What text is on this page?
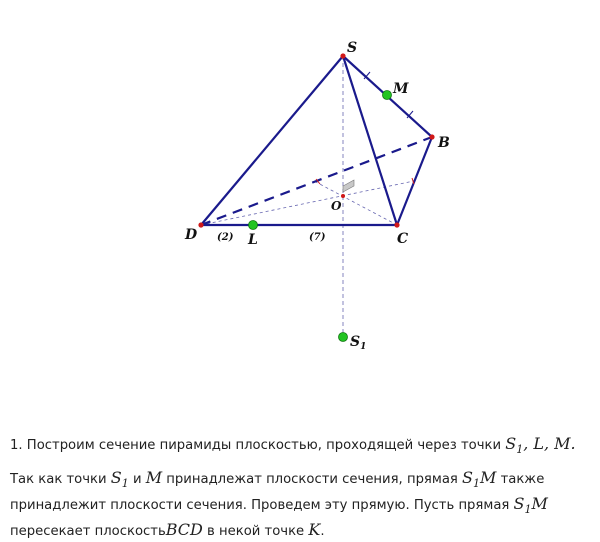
S
M
B
D	L	C
O
$S_1$
(2)	(7)
1. Построим сечение пирамиды плоскостью, проходящей через точки $S_1$, L, M.
Так как точки $S_1$ и M принадлежат плоскости сечения, прямая $S_1M$ также принадлежит плоскости сечения. Проведем эту прямую. Пусть прямая $S_1M$
пересекает плоскостьBCD в некой точке K.
